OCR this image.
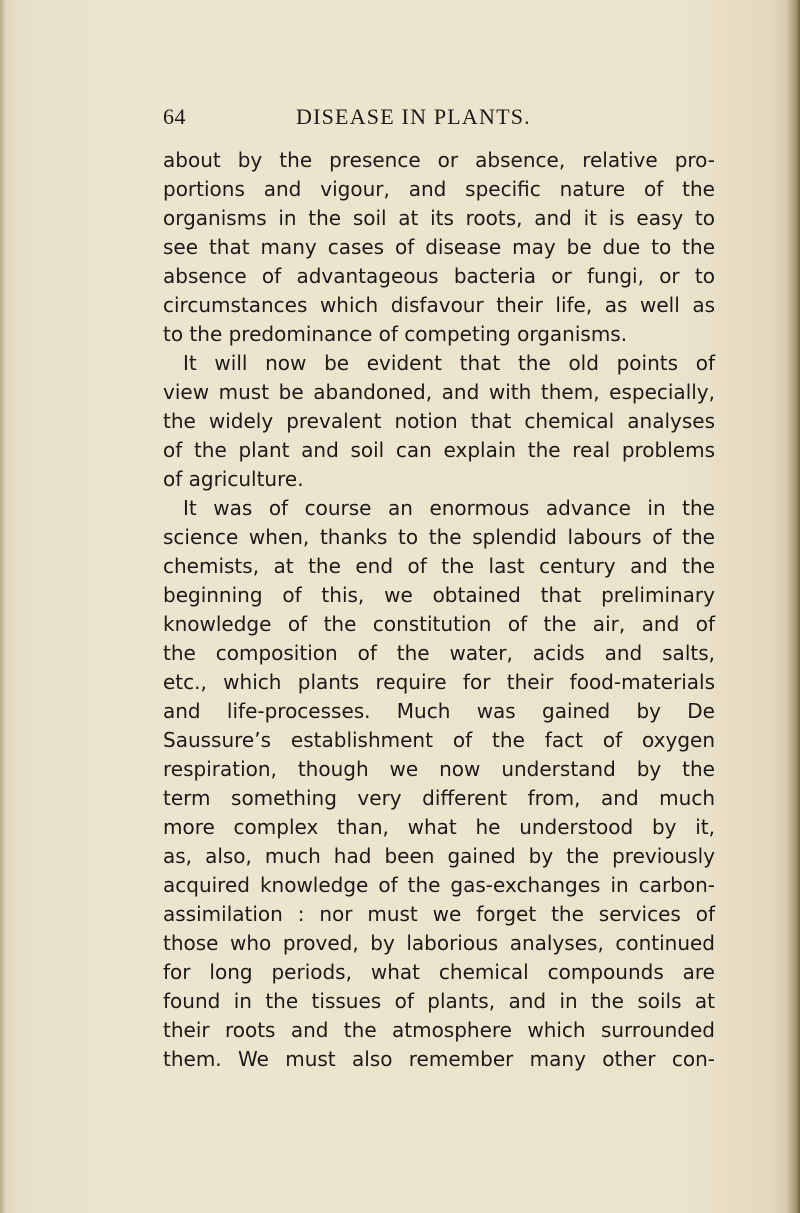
64	DISEASE IN PLANTS.
about by the presence or absence, relative pro-
portions and vigour, and specific nature of the
organisms in the soil at its roots, and it is easy to
see that many cases of disease may be due to the
absence of advantageous bacteria or fungi, or to
circumstances which disfavour their life, as well as
to the predominance of competing organisms.
It will now be evident that the old points of
view must be abandoned, and with them, especially,
the widely prevalent notion that chemical analyses
of the plant and soil can explain the real problems
of agriculture.
It was of course an enormous advance in the
science when, thanks to the splendid labours of the
chemists, at the end of the last century and the
beginning of this, we obtained that preliminary
knowledge of the constitution of the air, and of
the composition of the water, acids and salts,
etc., which plants require for their food-materials
and life-processes. Much was gained by De
Saussure’s establishment of the fact of oxygen
respiration, though we now understand by the
term something very different from, and much
more complex than, what he understood by it,
as, also, much had been gained by the previously
acquired knowledge of the gas-exchanges in carbon-
assimilation : nor must we forget the services of
those who proved, by laborious analyses, continued
for long periods, what chemical compounds are
found in the tissues of plants, and in the soils at
their roots and the atmosphere which surrounded
them. We must also remember many other con-
